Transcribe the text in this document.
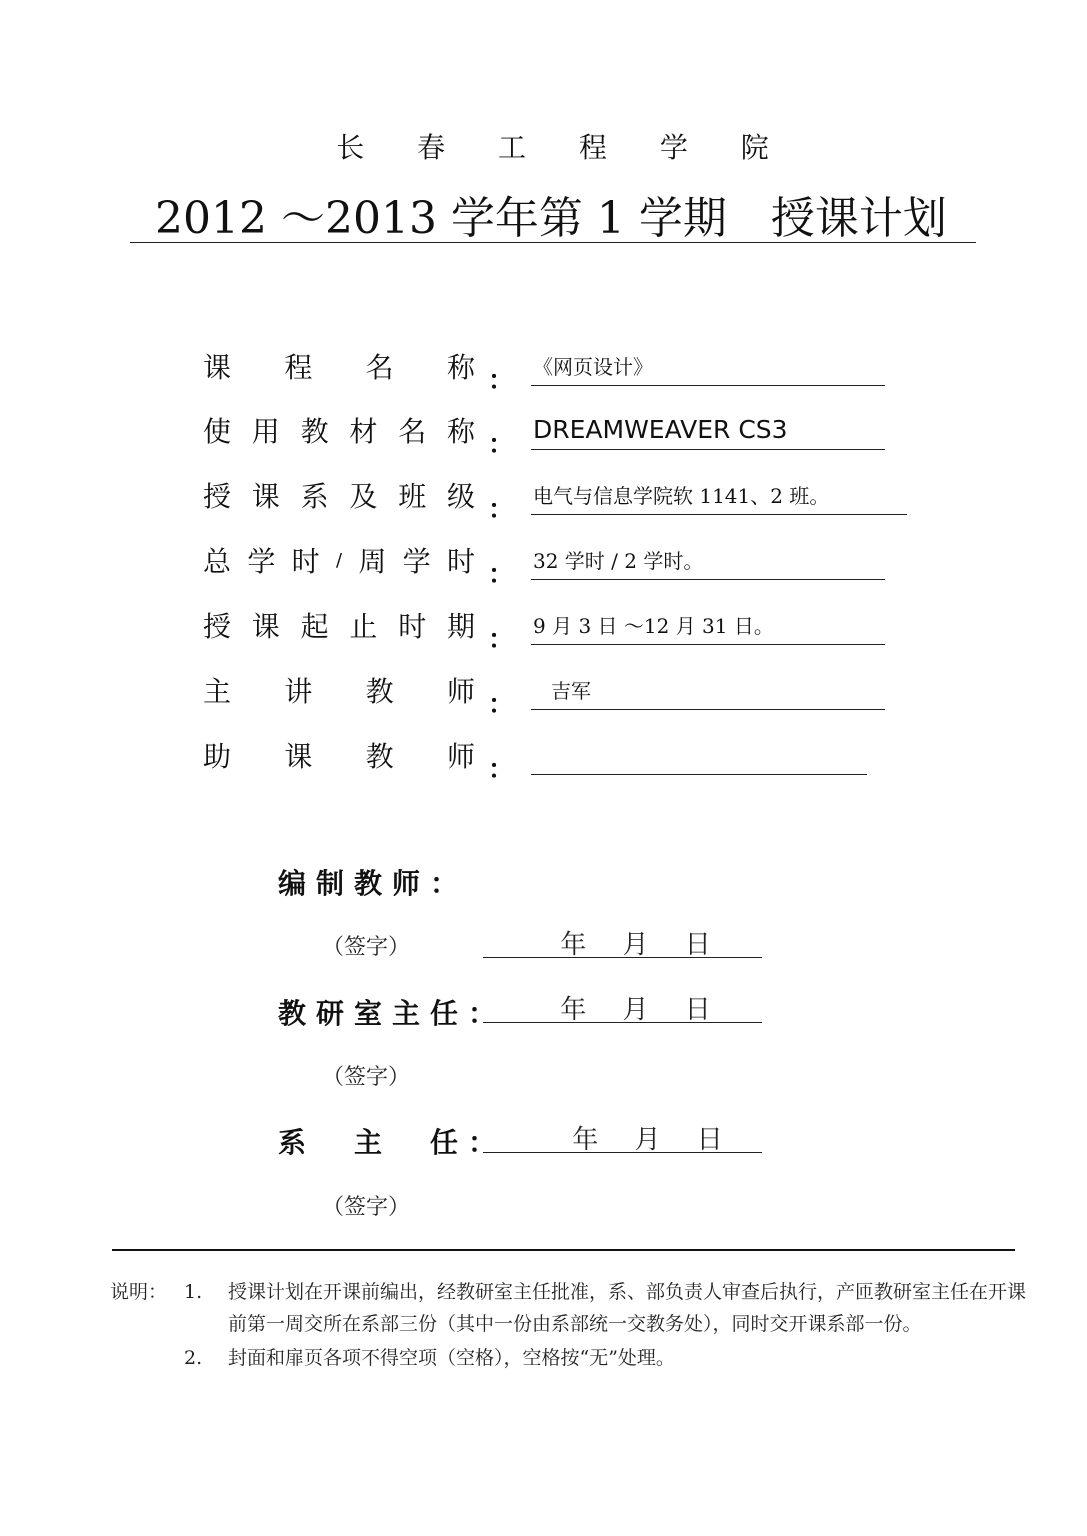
长 春 工 程 学 院
2012 ～2013 学年第 1 学期　授课计划
课 程 名 称 ： 《网页设计》
使 用 教 材 名 称 ：
DREAMWEAVER CS3
授 课 系 及 班 级 ： 电气与信息学院软 1141、2 班。
总 学 时 / 周 学 时 ： 32 学时 / 2 学时。
授 课 起 止 时 期 ： 9 月 3 日 ～12 月 31 日。
主 讲 教 师 ： 吉军
助 课 教 师 ：
编制教师：
（签字）	年 月 日
教研室主任：	年 月 日
（签字）
系　主　任：	年 月 日
（签字）
说明： 1.	授课计划在开课前编出，经教研室主任批准，系、部负责人审查后执行，产匝教研室主任在开课前第一周交所在系部三份（其中一份由系部统一交教务处），同时交开课系部一份。
2.	封面和扉页各项不得空项（空格），空格按“无”处理。
